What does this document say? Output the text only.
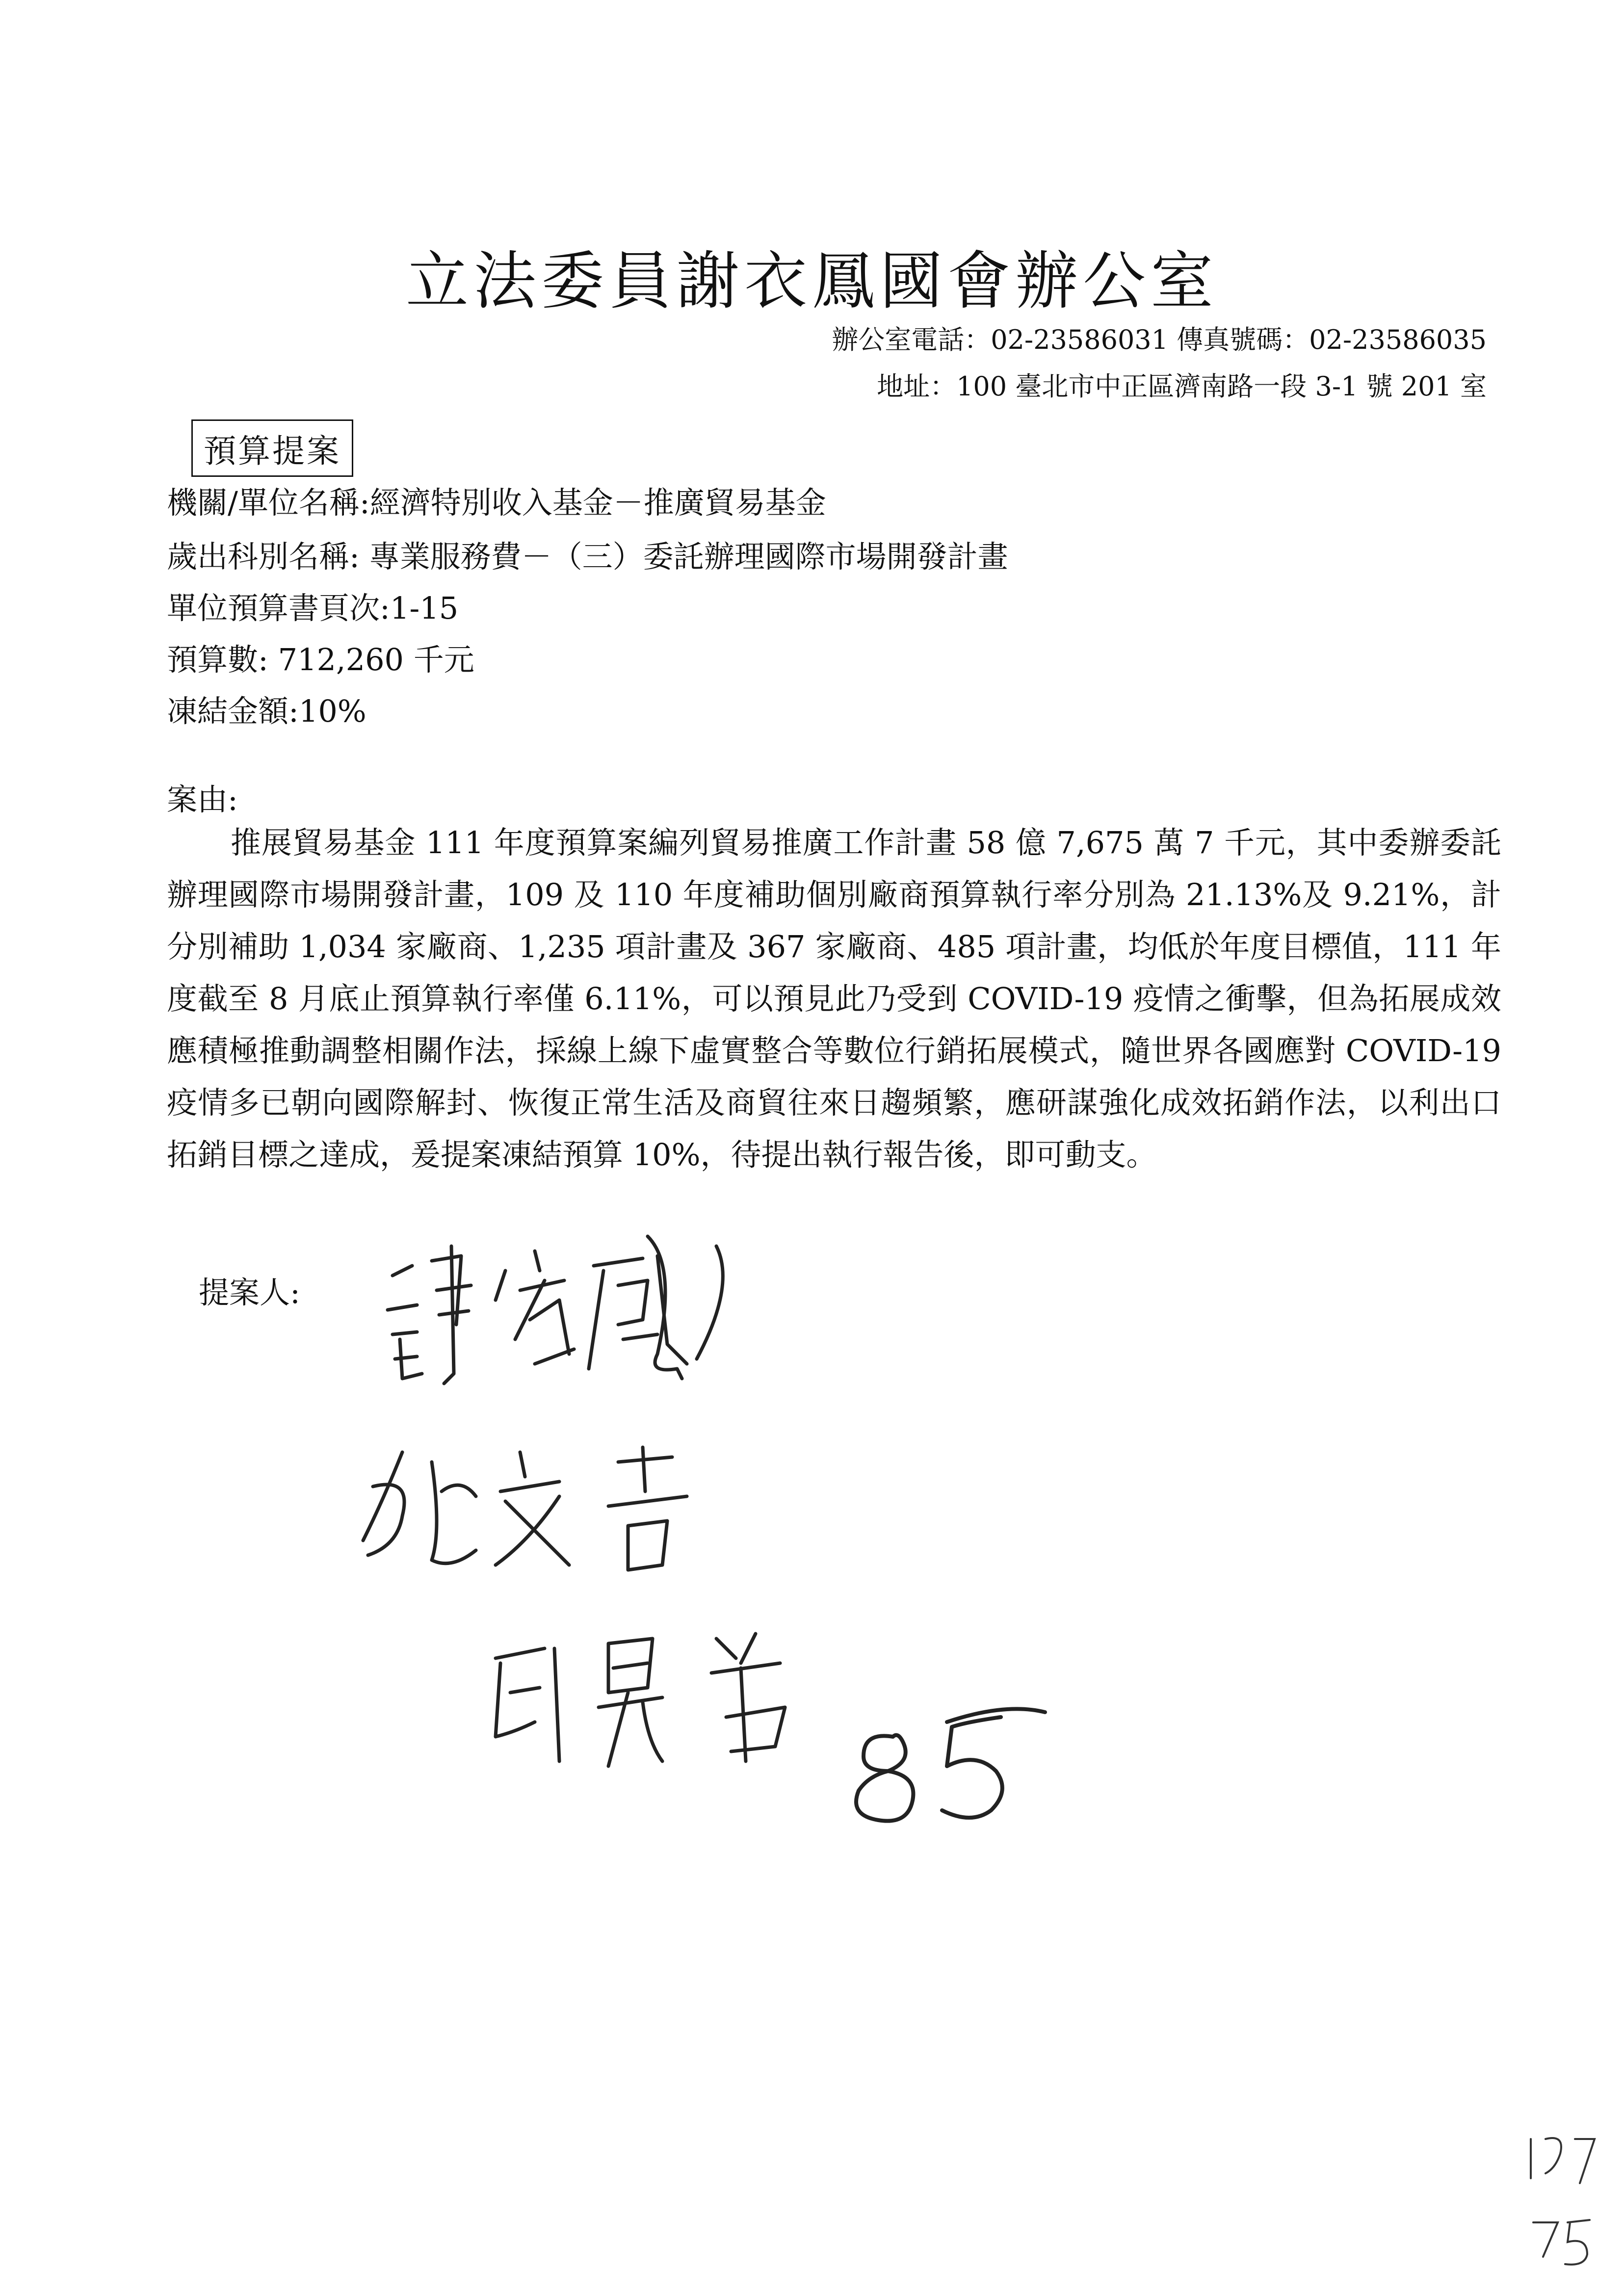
立法委員謝衣鳳國會辦公室
辦公室電話：02-23586031 傳真號碼：02-23586035
地址：100 臺北市中正區濟南路一段 3-1 號 201 室
預算提案
機關/單位名稱:經濟特別收入基金－推廣貿易基金
歲出科別名稱: 專業服務費－（三）委託辦理國際市場開發計畫
單位預算書頁次:1-15
預算數: 712,260 千元
凍結金額:10%
案由:
推展貿易基金 111 年度預算案編列貿易推廣工作計畫 58 億 7,675 萬 7 千元，其中委辦委託辦理國際市場開發計畫，109 及 110 年度補助個別廠商預算執行率分別為 21.13%及 9.21%，計分別補助 1,034 家廠商、1,235 項計畫及 367 家廠商、485 項計畫，均低於年度目標值，111 年度截至 8 月底止預算執行率僅 6.11%，可以預見此乃受到 COVID-19 疫情之衝擊，但為拓展成效應積極推動調整相關作法，採線上線下虛實整合等數位行銷拓展模式，隨世界各國應對 COVID-19 疫情多已朝向國際解封、恢復正常生活及商貿往來日趨頻繁，應研謀強化成效拓銷作法，以利出口拓銷目標之達成，爰提案凍結預算 10%，待提出執行報告後，即可動支。
提案人:
85
